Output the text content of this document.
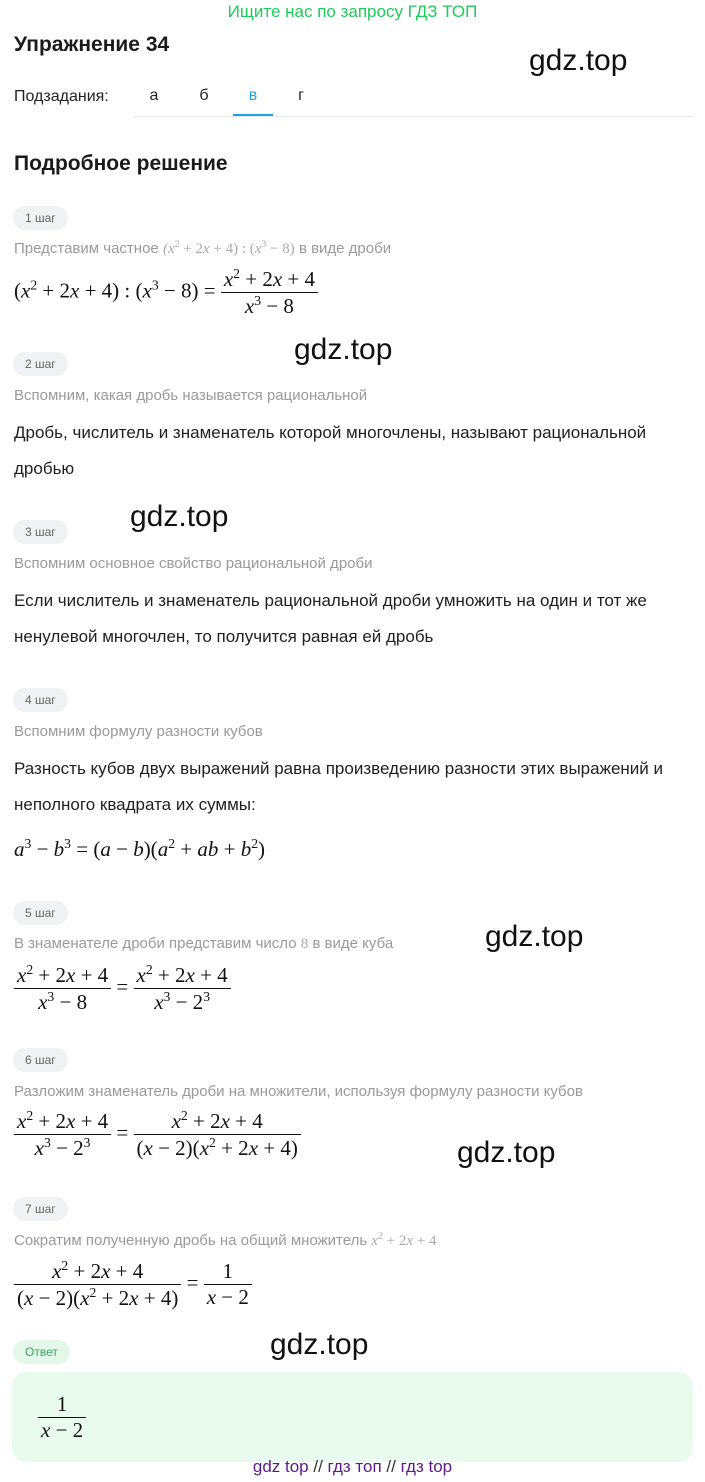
Ищите нас по запросу ГДЗ ТОП
Упражнение 34	gdz.top
Подзадания:	а	б	в	г
Подробное решение
1 шаг
Представим частное $(x^2 + 2x + 4)$ : $(x^3 - 8)$ в виде дроби
$(x^2 + 2x + 4)$ : $(x^3 - 8) = \frac{x^2 + 2x + 4}{x^3 - 8}$
gdz.top
2 шаг
Вспомним, какая дробь называется рациональной
Дробь, числитель и знаменатель которой многочлены, называют рациональной дробью
gdz.top
3 шаг
Вспомним основное свойство рациональной дроби
Если числитель и знаменатель рациональной дроби умножить на один и тот же ненулевой многочлен, то получится равная ей дробь
4 шаг
Вспомним формулу разности кубов
Разность кубов двух выражений равна произведению разности этих выражений и неполного квадрата их суммы:
$a^3 - b^3 = (a - b)(a^2$ + ab + $b^2$)
5 шаг
gdz.top
В знаменателе дроби представим число 8 в виде куба
$\frac{x^2 + 2x + 4}{x^3 - 8} = \frac{x^2 + 2x + 4}{x^3 - 2^3}$
6 шаг
Разложим знаменатель дроби на множители, используя формулу разности кубов
$\frac{x^2 + 2x + 4}{x^3 - 2^3} = \frac{x^2 + 2x + 4}{(x - 2)(x^2 + 2x + 4)}$	gdz.top
7 шаг
Сократим полученную дробь на общий множитель $x^2 + 2x + 4$
$\frac{x^2 + 2x + 4}{(x - 2)(x^2 + 2x + 4)} = \frac{1}{x - 2}$
gdz.top
Ответ
$\frac{1}{x - 2}$
gdz top // гдз топ // гдз top
